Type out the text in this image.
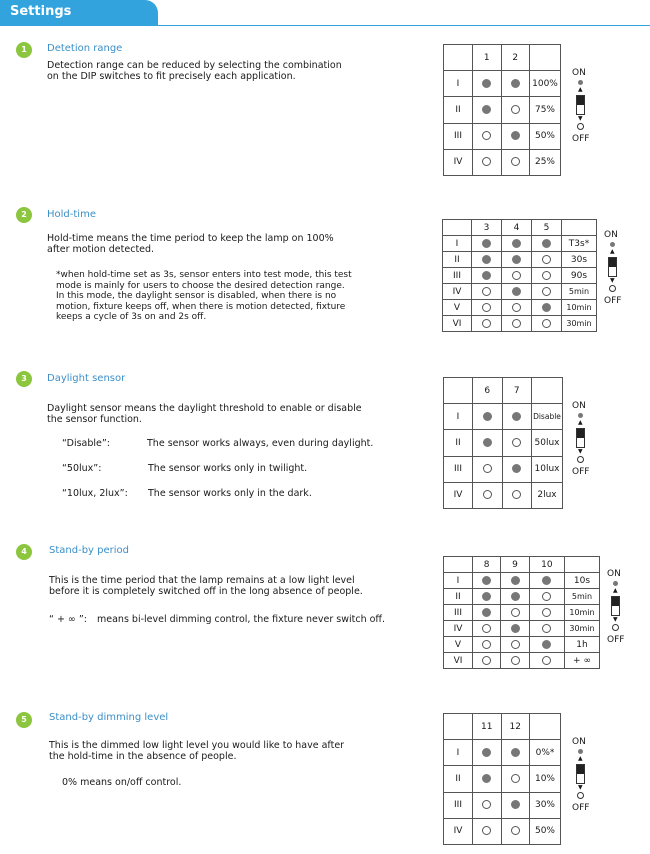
Settings
1	Detetion range
Detection range can be reduced by selecting the combination
on the DIP switches to fit precisely each application.
	1	2	
I			100%
II			75%
III			50%
IV			25%
ON
▲
▼
OFF
2	Hold-time
Hold-time means the time period to keep the lamp on 100%
after motion detected.
*when hold-time set as 3s, sensor enters into test mode, this test
mode is mainly for users to choose the desired detection range.
In this mode, the daylight sensor is disabled, when there is no
motion, fixture keeps off, when there is motion detected, fixture
keeps a cycle of 3s on and 2s off.
	3	4	5	
I				T3s*
II				30s
III				90s
IV				5min
V				10min
VI				30min
ON
▲
▼
OFF
3	Daylight sensor
Daylight sensor means the daylight threshold to enable or disable
the sensor function.
“Disable”:	The sensor works always, even during daylight.
“50lux”:	The sensor works only in twilight.
“10lux, 2lux”: The sensor works only in the dark.
	6	7	
I			Disable
II			50lux
III			10lux
IV			2lux
ON
▲
▼
OFF
4	Stand-by period
This is the time period that the lamp remains at a low light level
before it is completely switched off in the long absence of people.
“ + ∞ ”: means bi-level dimming control, the fixture never switch off.
	8	9	10	
I				10s
II				5min
III				10min
IV				30min
V				1h
VI				+ ∞
ON
▲
▼
OFF
5	Stand-by dimming level
This is the dimmed low light level you would like to have after
the hold-time in the absence of people.
0% means on/off control.
	11	12	
I			0%*
II			10%
III			30%
IV			50%
ON
▲
▼
OFF
